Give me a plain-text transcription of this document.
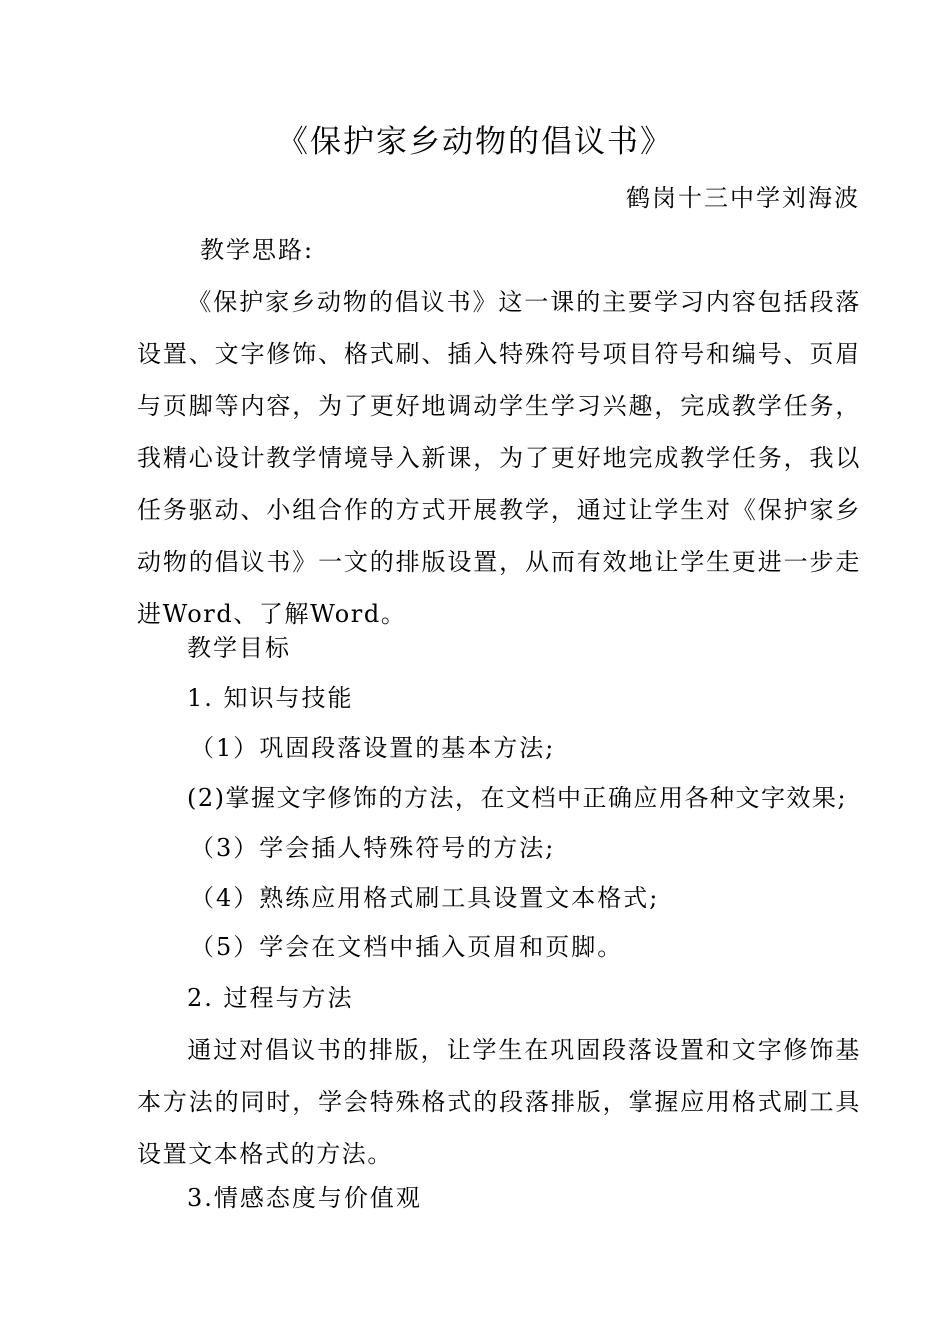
《保护家乡动物的倡议书》
鹤岗十三中学刘海波
教学思路:
《保护家乡动物的倡议书》这一课的主要学习内容包括段落设置、文字修饰、格式刷、插入特殊符号项目符号和编号、页眉与页脚等内容，为了更好地调动学生学习兴趣，完成教学任务，我精心设计教学情境导入新课，为了更好地完成教学任务，我以任务驱动、小组合作的方式开展教学，通过让学生对《保护家乡动物的倡议书》一文的排版设置，从而有效地让学生更进一步走进Word、了解Word。
教学目标
1. 知识与技能
（1）巩固段落设置的基本方法;
(2)掌握文字修饰的方法，在文档中正确应用各种文字效果;
（3）学会插人特殊符号的方法;
（4）熟练应用格式刷工具设置文本格式;
（5）学会在文档中插入页眉和页脚。
2. 过程与方法
通过对倡议书的排版，让学生在巩固段落设置和文字修饰基本方法的同时，学会特殊格式的段落排版，掌握应用格式刷工具设置文本格式的方法。
3.情感态度与价值观
